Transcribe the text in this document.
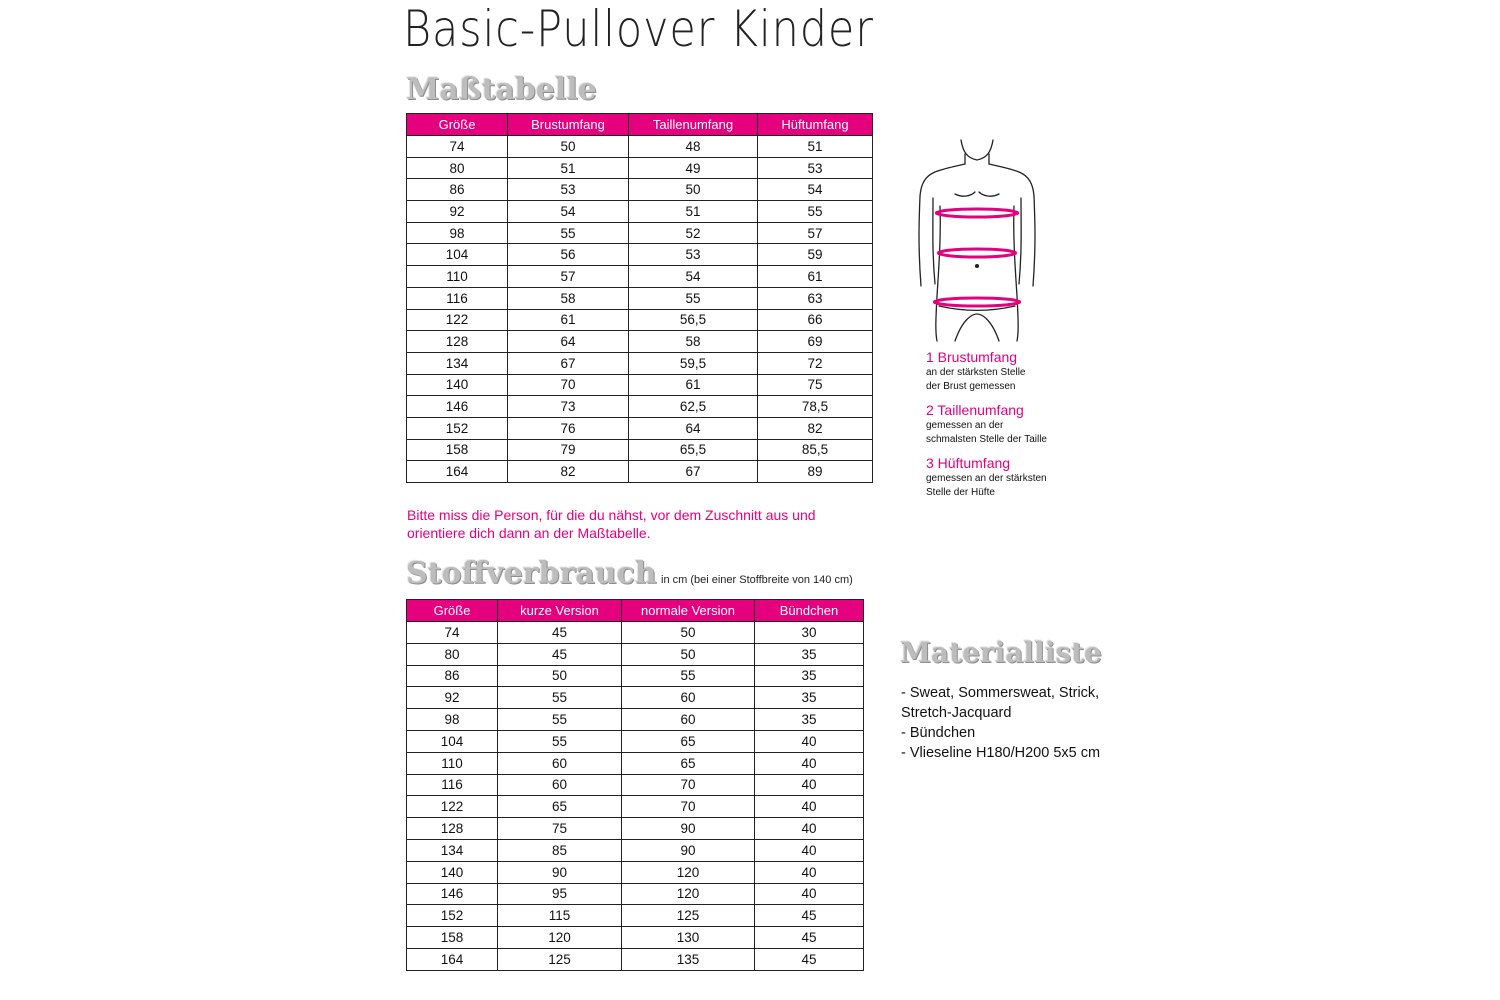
Basic-Pullover Kinder
Maßtabelle
Größe	Brustumfang	Taillenumfang	Hüftumfang
74	50	48	51
80	51	49	53
86	53	50	54
92	54	51	55
98	55	52	57
104	56	53	59
110	57	54	61
116	58	55	63
122	61	56,5	66
128	64	58	69
134	67	59,5	72
140	70	61	75
146	73	62,5	78,5
152	76	64	82
158	79	65,5	85,5
164	82	67	89
Bitte miss die Person, für die du nähst, vor dem Zuschnitt aus und orientiere dich dann an der Maßtabelle.
Stoffverbrauch in cm (bei einer Stoffbreite von 140 cm)
Größe	kurze Version	normale Version	Bündchen
74	45	50	30
80	45	50	35
86	50	55	35
92	55	60	35
98	55	60	35
104	55	65	40
110	60	65	40
116	60	70	40
122	65	70	40
128	75	90	40
134	85	90	40
140	90	120	40
146	95	120	40
152	115	125	45
158	120	130	45
164	125	135	45
1 Brustumfang
an der stärksten Stelle
der Brust gemessen
2 Taillenumfang
gemessen an der
schmalsten Stelle der Taille
3 Hüftumfang
gemessen an der stärksten
Stelle der Hüfte
Materialliste
- Sweat, Sommersweat, Strick,
Stretch-Jacquard
- Bündchen
- Vlieseline H180/H200 5x5 cm
